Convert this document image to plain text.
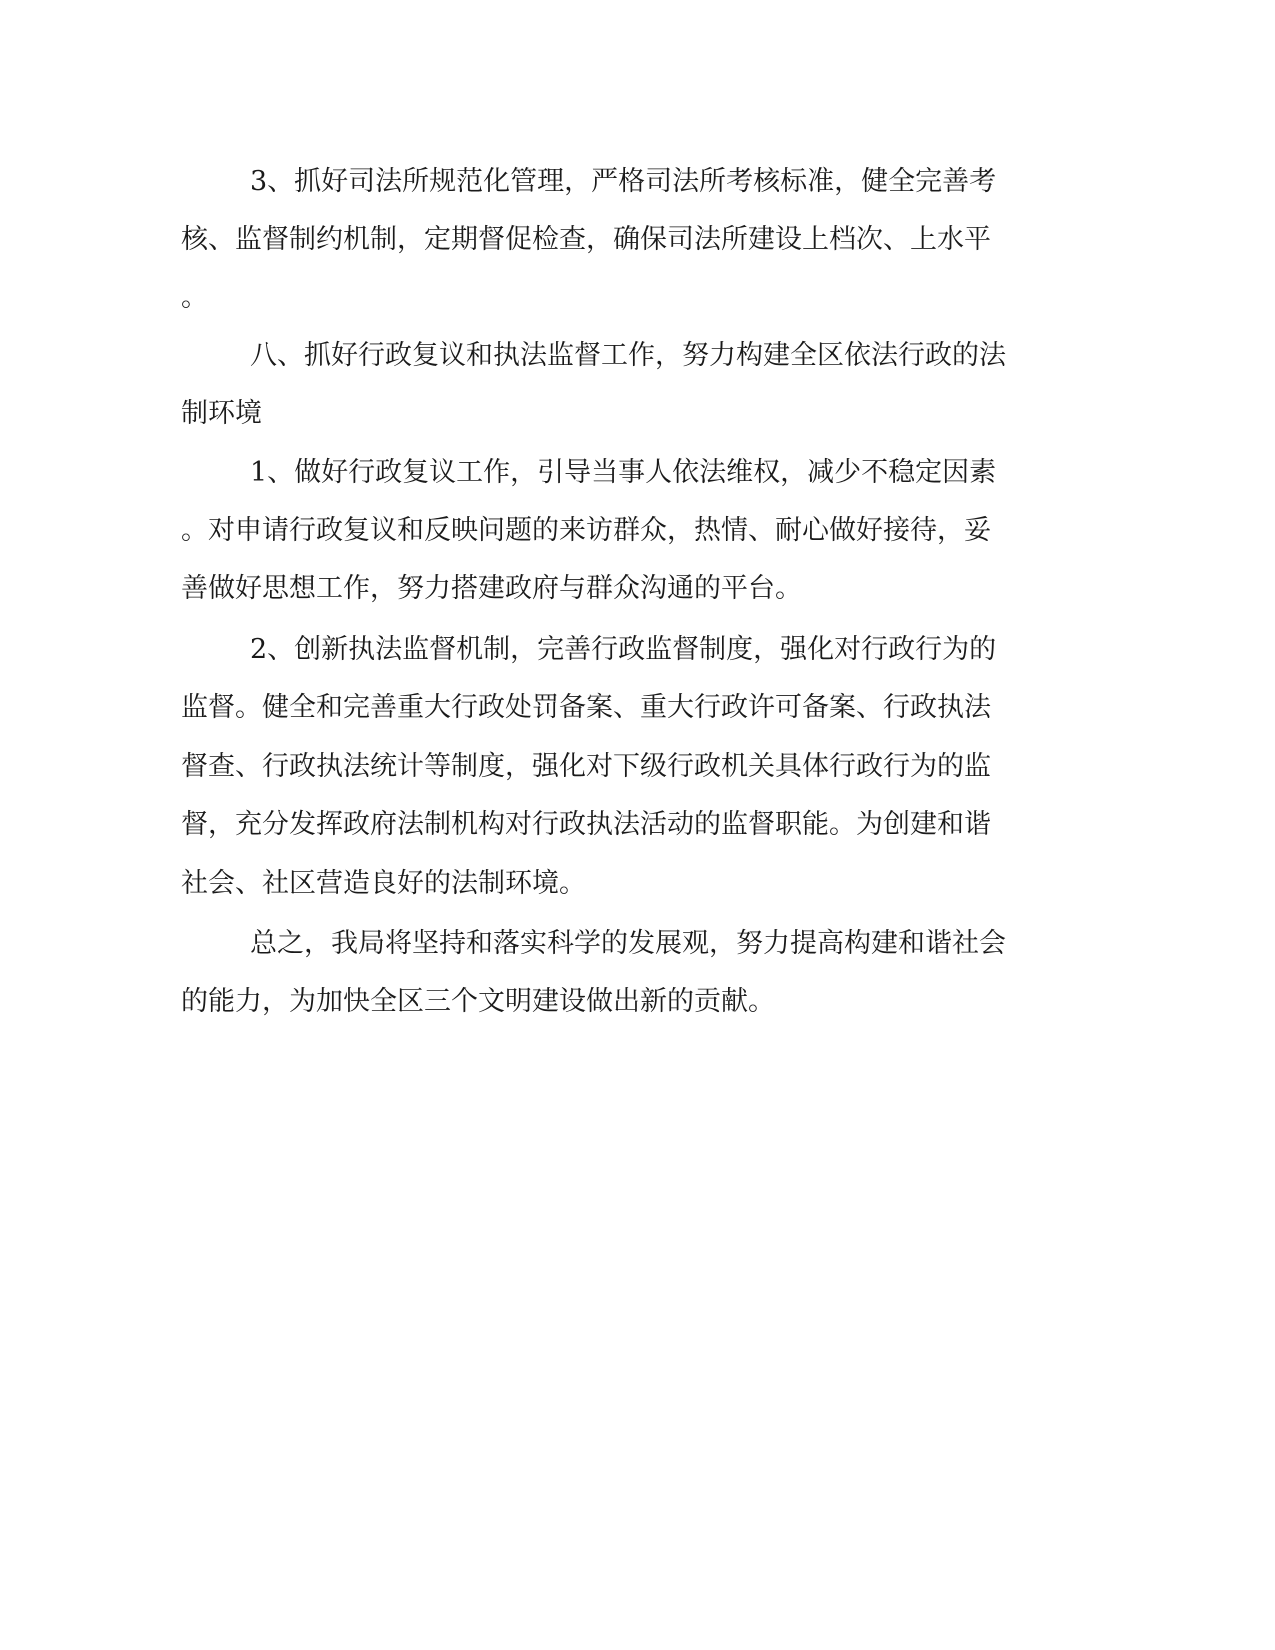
3、抓好司法所规范化管理，严格司法所考核标准，健全完善考
核、监督制约机制，定期督促检查，确保司法所建设上档次、上水平
。
八、抓好行政复议和执法监督工作，努力构建全区依法行政的法
制环境
1、做好行政复议工作，引导当事人依法维权，减少不稳定因素
。对申请行政复议和反映问题的来访群众，热情、耐心做好接待，妥
善做好思想工作，努力搭建政府与群众沟通的平台。
2、创新执法监督机制，完善行政监督制度，强化对行政行为的
监督。健全和完善重大行政处罚备案、重大行政许可备案、行政执法
督查、行政执法统计等制度，强化对下级行政机关具体行政行为的监
督，充分发挥政府法制机构对行政执法活动的监督职能。为创建和谐
社会、社区营造良好的法制环境。
总之，我局将坚持和落实科学的发展观，努力提高构建和谐社会
的能力，为加快全区三个文明建设做出新的贡献。
